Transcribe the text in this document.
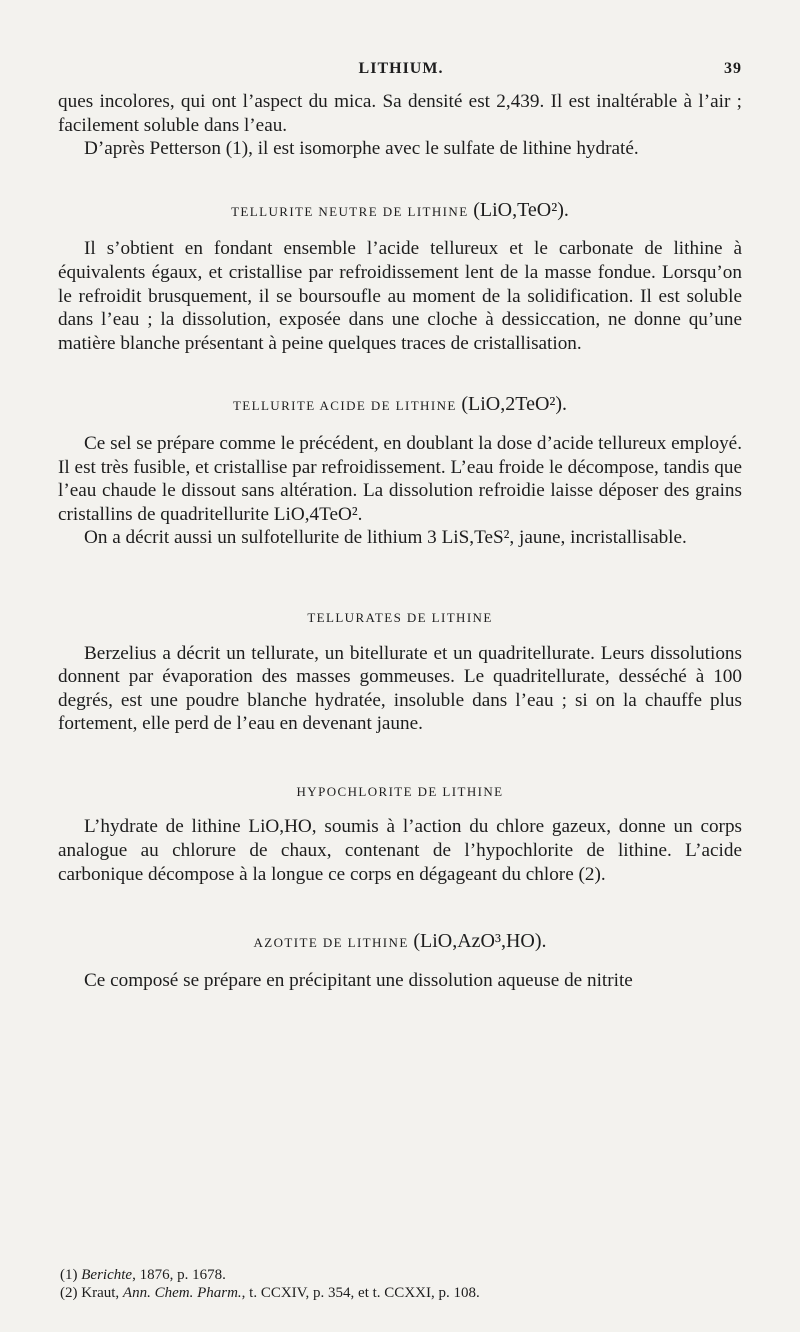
LITHIUM.	39

ques incolores, qui ont l’aspect du mica. Sa densité est 2,439. Il est inaltérable à l’air ; facilement soluble dans l’eau.

D’après Petterson (1), il est isomorphe avec le sulfate de lithine hydraté.

TELLURITE NEUTRE DE LITHINE (LiO,TeO²).

Il s’obtient en fondant ensemble l’acide tellureux et le carbonate de lithine à équivalents égaux, et cristallise par refroidissement lent de la masse fondue. Lorsqu’on le refroidit brusquement, il se boursoufle au moment de la solidification. Il est soluble dans l’eau ; la dissolution, exposée dans une cloche à dessiccation, ne donne qu’une matière blanche présentant à peine quelques traces de cristallisation.

TELLURITE ACIDE DE LITHINE (LiO,2TeO²).

Ce sel se prépare comme le précédent, en doublant la dose d’acide tellureux employé. Il est très fusible, et cristallise par refroidissement. L’eau froide le décompose, tandis que l’eau chaude le dissout sans altération. La dissolution refroidie laisse déposer des grains cristallins de quadritellurite LiO,4TeO².

On a décrit aussi un sulfotellurite de lithium 3 LiS,TeS², jaune, incristallisable.

TELLURATES DE LITHINE

Berzelius a décrit un tellurate, un bitellurate et un quadritellurate. Leurs dissolutions donnent par évaporation des masses gommeuses. Le quadritellurate, desséché à 100 degrés, est une poudre blanche hydratée, insoluble dans l’eau ; si on la chauffe plus fortement, elle perd de l’eau en devenant jaune.

HYPOCHLORITE DE LITHINE

L’hydrate de lithine LiO,HO, soumis à l’action du chlore gazeux, donne un corps analogue au chlorure de chaux, contenant de l’hypochlorite de lithine. L’acide carbonique décompose à la longue ce corps en dégageant du chlore (2).

AZOTITE DE LITHINE (LiO,AzO³,HO).

Ce composé se prépare en précipitant une dissolution aqueuse de nitrite

(1) Berichte, 1876, p. 1678.
(2) Kraut, Ann. Chem. Pharm., t. CCXIV, p. 354, et t. CCXXI, p. 108.
